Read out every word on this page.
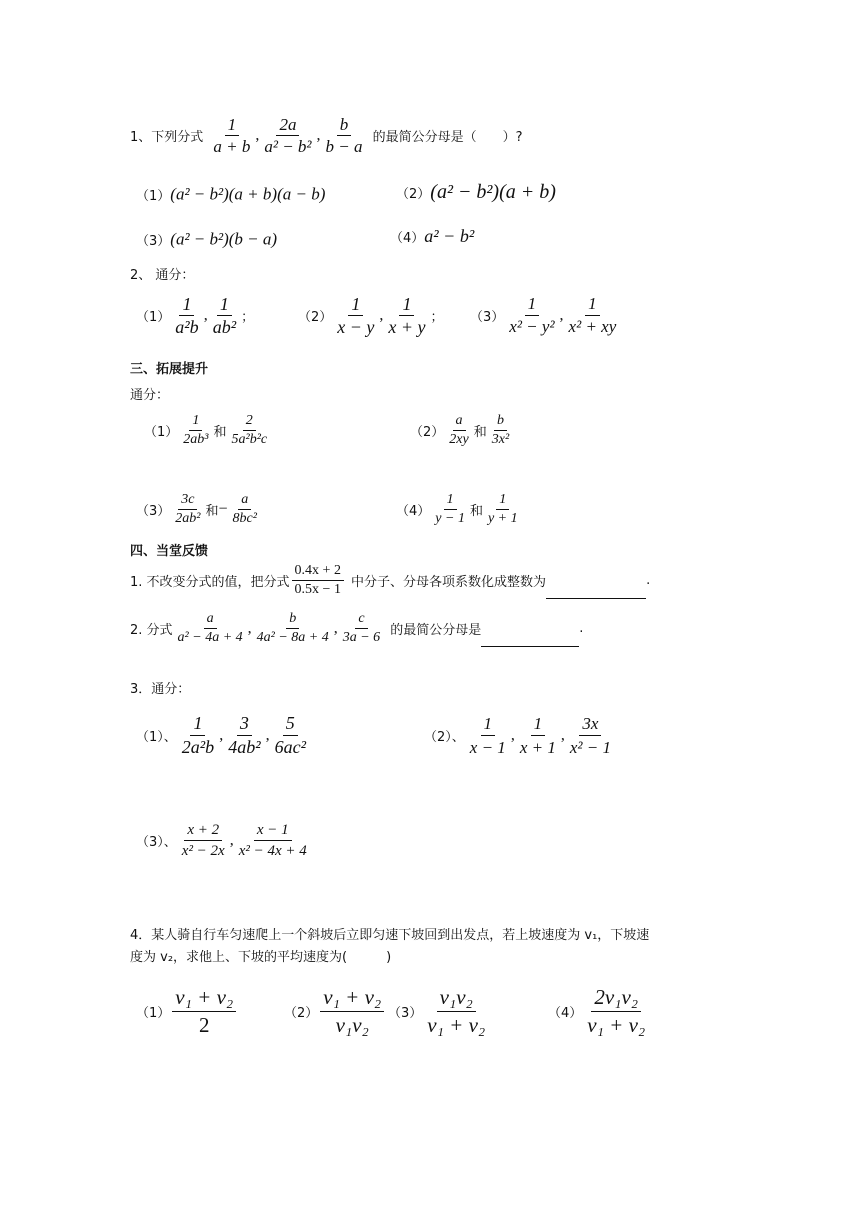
1、下列分式 $\frac{1}{a + b}$ , $\frac{2a}{\text{a² − b²}}$ , $\frac{b}{b - a}$ 的最简公分母是（　　）?
（1）(a² − b²)(a + b)(a − b)	（2）(a² − b²)(a + b)
（3）(a² − b²)(b − a)	（4）a² − b²
2、 通分：
$(1) \frac{1}{\text{a²b}}$ , $\frac{1}{\text{ab²}}$ ；	$(2) \frac{1}{x - y}$ , $\frac{1}{x + y}$ ； $(3) \frac{1}{\text{x² − y²}}$ , $\frac{1}{\text{x² + xy}}$
三、拓展提升
通分：
$(1) \frac{1}{\text{2ab³}}$ 和 $\frac{2}{\text{5a²b²c}}$	$(2) \frac{a}{2xy}$ 和 $\frac{b}{\text{3x²}}$
$(3) \frac{3c}{\text{2ab²}}$ 和− $\frac{a}{\text{8bc²}}$	$(4) \frac{1}{y - 1}$ 和 $\frac{1}{y + 1}$
四、当堂反馈
1. 不改变分式的值，把分式 $\frac{0.4x + 2}{0.5x - 1}$ 中分子、分母各项系数化成整数为	.
2. 分式 $\frac{a}{\text{a² − 4a + 4}}$ , $\frac{b}{\text{4a² − 8a + 4}}$ , $\frac{c}{3a - 6}$ 的最简公分母是	.
3．通分：
（1）、 $\frac{1}{\text{2a²b}}$ , $\frac{3}{\text{4ab²}}$ , $\frac{5}{\text{6ac²}}$	（2）、 $\frac{1}{x - 1}$ , $\frac{1}{x + 1}$ , $\frac{3x}{\text{x² − 1}}$
（3）、 $\frac{x + 2}{\text{x² − 2x}}$ , $\frac{x - 1}{\text{x² − 4x + 4}}$
4．某人骑自行车匀速爬上一个斜坡后立即匀速下坡回到出发点，若上坡速度为 v₁，下坡速
度为 v₂，求他上、下坡的平均速度为(　　　)
$(1) \frac{\text{v₁ + v₂}}{2}$	$(2) \frac{\text{v₁ + v₂}}{\text{v₁v₂}} (3) \frac{\text{v₁v₂}}{\text{v₁ + v₂}}$	$(4) \frac{\text{2v₁v₂}}{\text{v₁ + v₂}}$
